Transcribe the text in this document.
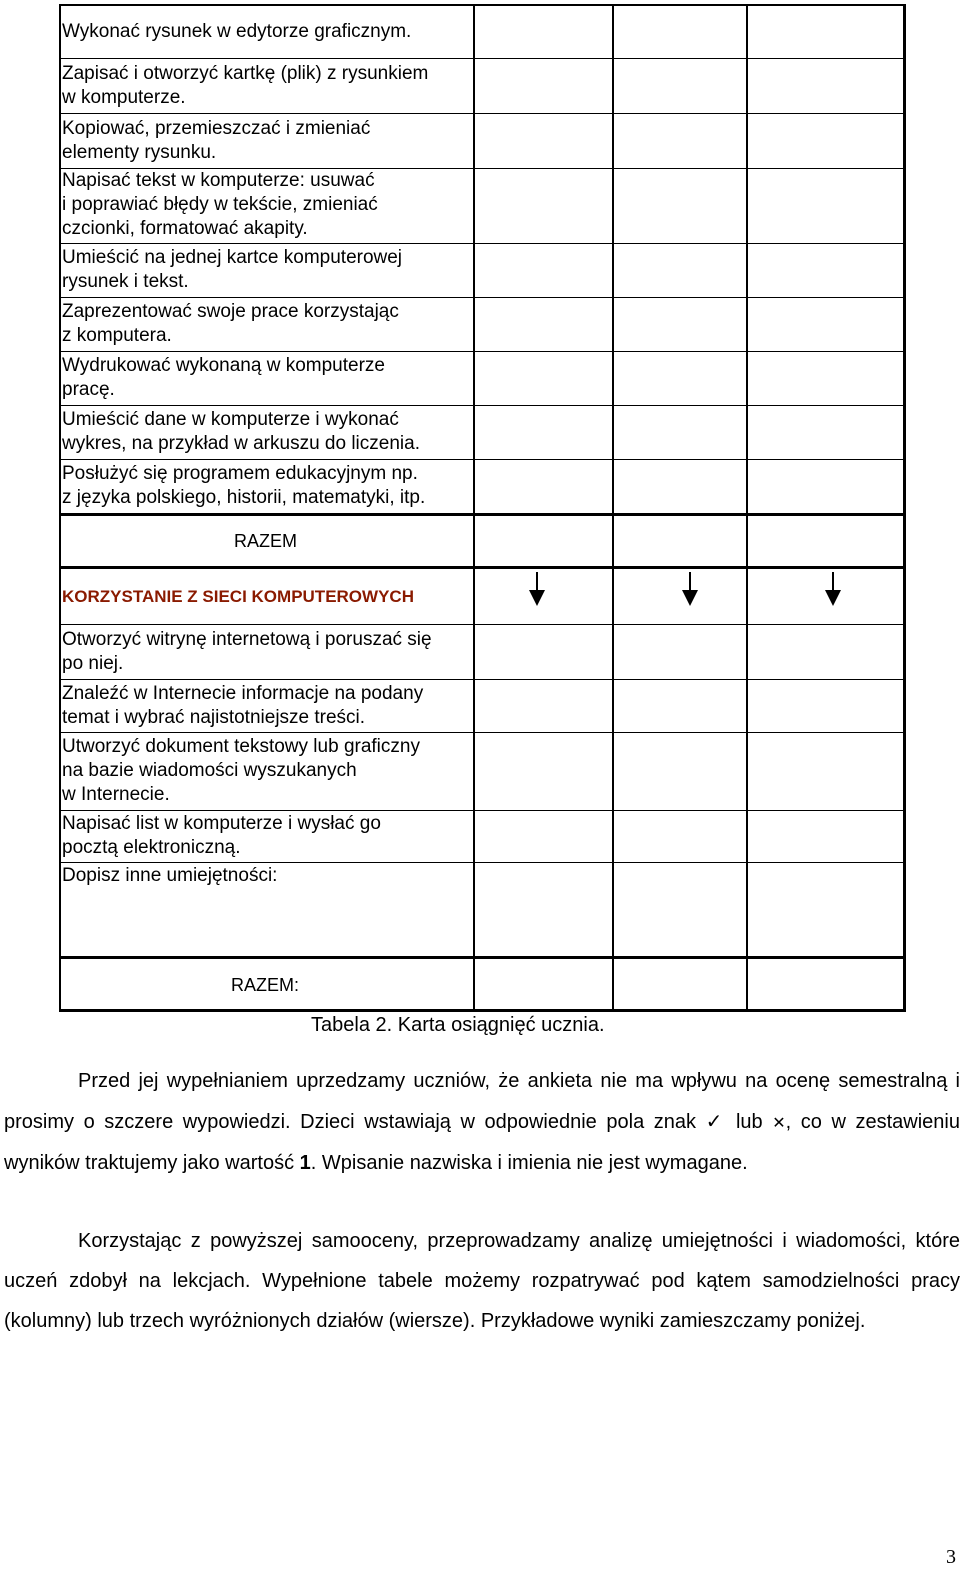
Wykonać rysunek w edytorze graficznym.
Zapisać i otworzyć kartkę (plik) z rysunkiem
w komputerze.
Kopiować, przemieszczać i zmieniać
elementy rysunku.
Napisać tekst w komputerze: usuwać
i poprawiać błędy w tekście, zmieniać
czcionki, formatować akapity.
Umieścić na jednej kartce komputerowej
rysunek i tekst.
Zaprezentować swoje prace korzystając
z komputera.
Wydrukować wykonaną w komputerze
pracę.
Umieścić dane w komputerze i wykonać
wykres, na przykład w arkuszu do liczenia.
Posłużyć się programem edukacyjnym np.
z języka polskiego, historii, matematyki, itp.
RAZEM
KORZYSTANIE Z SIECI KOMPUTEROWYCH
Otworzyć witrynę internetową i poruszać się
po niej.
Znaleźć w Internecie informacje na podany
temat i wybrać najistotniejsze treści.
Utworzyć dokument tekstowy lub graficzny
na bazie wiadomości wyszukanych
w Internecie.
Napisać list w komputerze i wysłać go
pocztą elektroniczną.
Dopisz inne umiejętności:
RAZEM:
Tabela 2. Karta osiągnięć ucznia.

Przed jej wypełnianiem uprzedzamy uczniów, że ankieta nie ma wpływu na ocenę semestralną i prosimy o szczere wypowiedzi. Dzieci wstawiają w odpowiednie pola znak ✓ lub ✕, co w zestawieniu wyników traktujemy jako wartość 1. Wpisanie nazwiska i imienia nie jest wymagane.

Korzystając z powyższej samooceny, przeprowadzamy analizę umiejętności i wiadomości, które uczeń zdobył na lekcjach. Wypełnione tabele możemy rozpatrywać pod kątem samodzielności pracy (kolumny) lub trzech wyróżnionych działów (wiersze). Przykładowe wyniki zamieszczamy poniżej.

3
